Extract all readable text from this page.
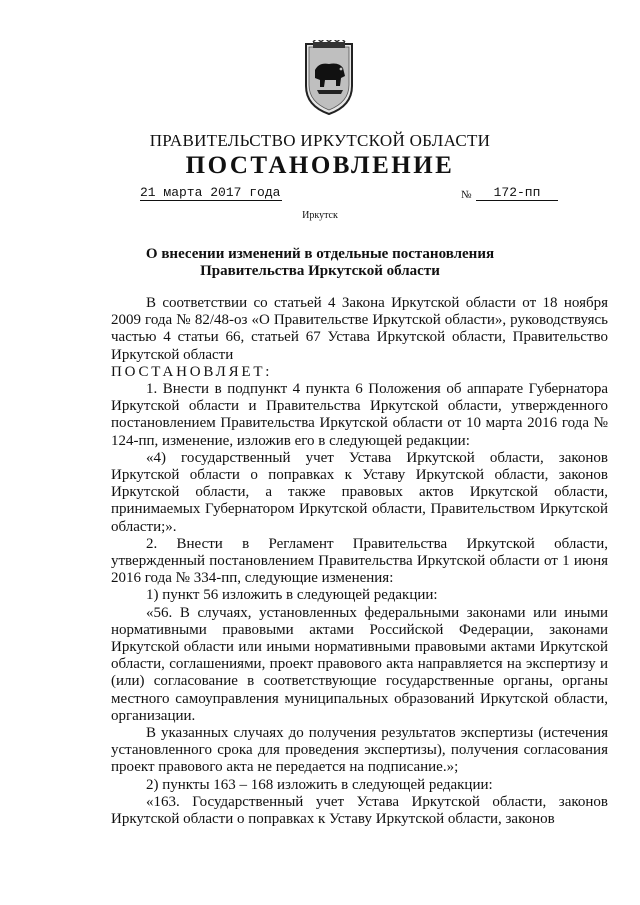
ПРАВИТЕЛЬСТВО ИРКУТСКОЙ ОБЛАСТИ
ПОСТАНОВЛЕНИЕ
21 марта 2017 года	№	172-пп
Иркутск
О внесении изменений в отдельные постановления Правительства Иркутской области

В соответствии со статьей 4 Закона Иркутской области от 18 ноября 2009 года № 82/48-оз «О Правительстве Иркутской области», руководствуясь частью 4 статьи 66, статьей 67 Устава Иркутской области, Правительство Иркутской области

ПОСТАНОВЛЯЕТ:

1. Внести в подпункт 4 пункта 6 Положения об аппарате Губернатора Иркутской области и Правительства Иркутской области, утвержденного постановлением Правительства Иркутской области от 10 марта 2016 года № 124-пп, изменение, изложив его в следующей редакции:

«4) государственный учет Устава Иркутской области, законов Иркутской области о поправках к Уставу Иркутской области, законов Иркутской области, а также правовых актов Иркутской области, принимаемых Губернатором Иркутской области, Правительством Иркутской области;».

2. Внести в Регламент Правительства Иркутской области, утвержденный постановлением Правительства Иркутской области от 1 июня 2016 года № 334-пп, следующие изменения:

1) пункт 56 изложить в следующей редакции:

«56. В случаях, установленных федеральными законами или иными нормативными правовыми актами Российской Федерации, законами Иркутской области или иными нормативными правовыми актами Иркутской области, соглашениями, проект правового акта направляется на экспертизу и (или) согласование в соответствующие государственные органы, органы местного самоуправления муниципальных образований Иркутской области, организации.

В указанных случаях до получения результатов экспертизы (истечения установленного срока для проведения экспертизы), получения согласования проект правового акта не передается на подписание.»;

2) пункты 163 – 168 изложить в следующей редакции:

«163. Государственный учет Устава Иркутской области, законов Иркутской области о поправках к Уставу Иркутской области, законов
